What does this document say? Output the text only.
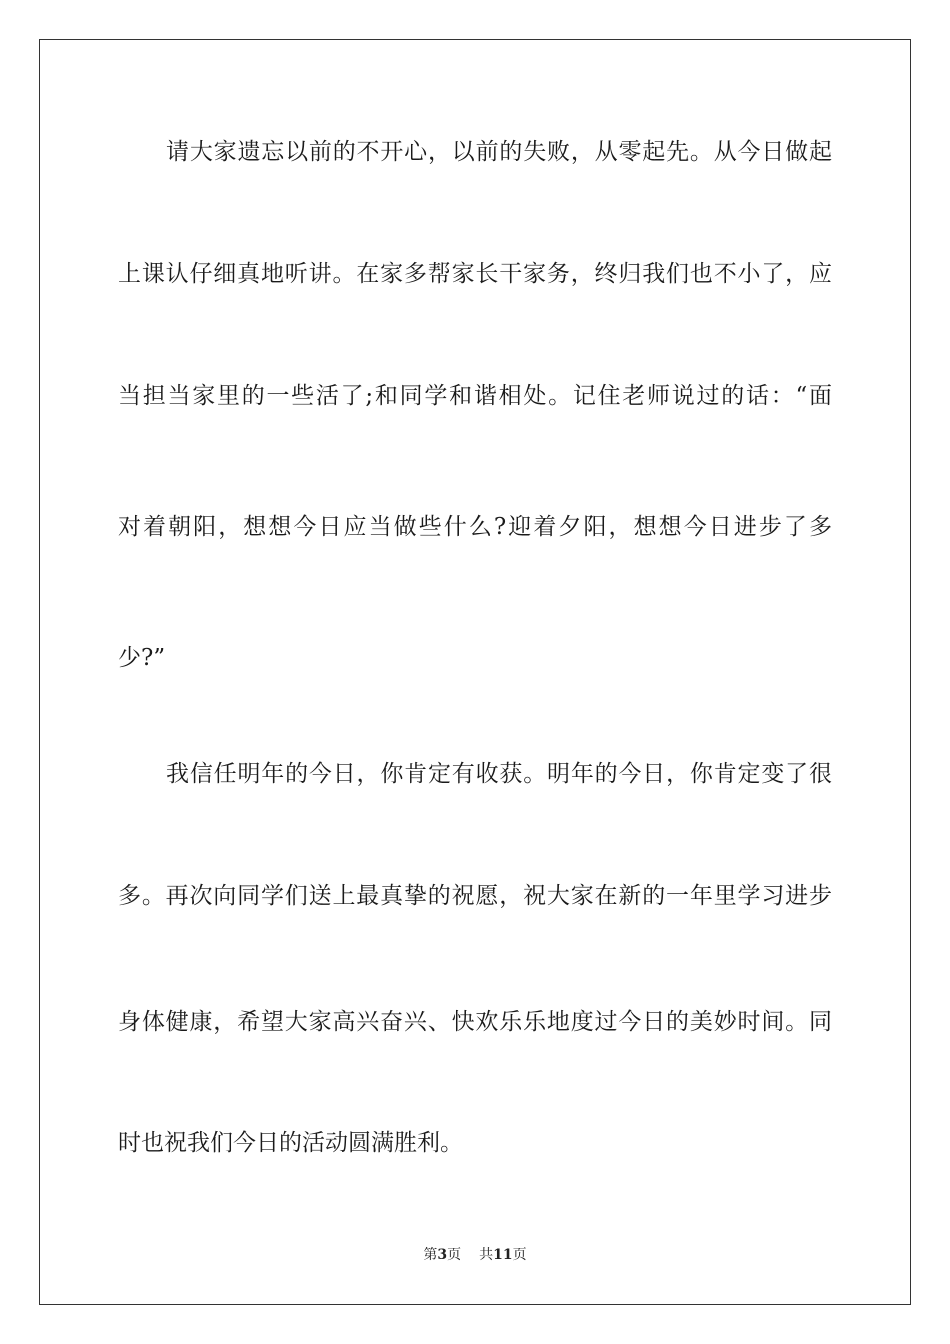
请大家遗忘以前的不开心，以前的失败，从零起先。从今日做起
上课认仔细真地听讲。在家多帮家长干家务，终归我们也不小了，应
当担当家里的一些活了;和同学和谐相处。记住老师说过的话：“面
对着朝阳，想想今日应当做些什么?迎着夕阳，想想今日进步了多
少?”
我信任明年的今日，你肯定有收获。明年的今日，你肯定变了很
多。再次向同学们送上最真挚的祝愿，祝大家在新的一年里学习进步
身体健康，希望大家高兴奋兴、快欢乐乐地度过今日的美妙时间。同
时也祝我们今日的活动圆满胜利。
第3页 共11页
